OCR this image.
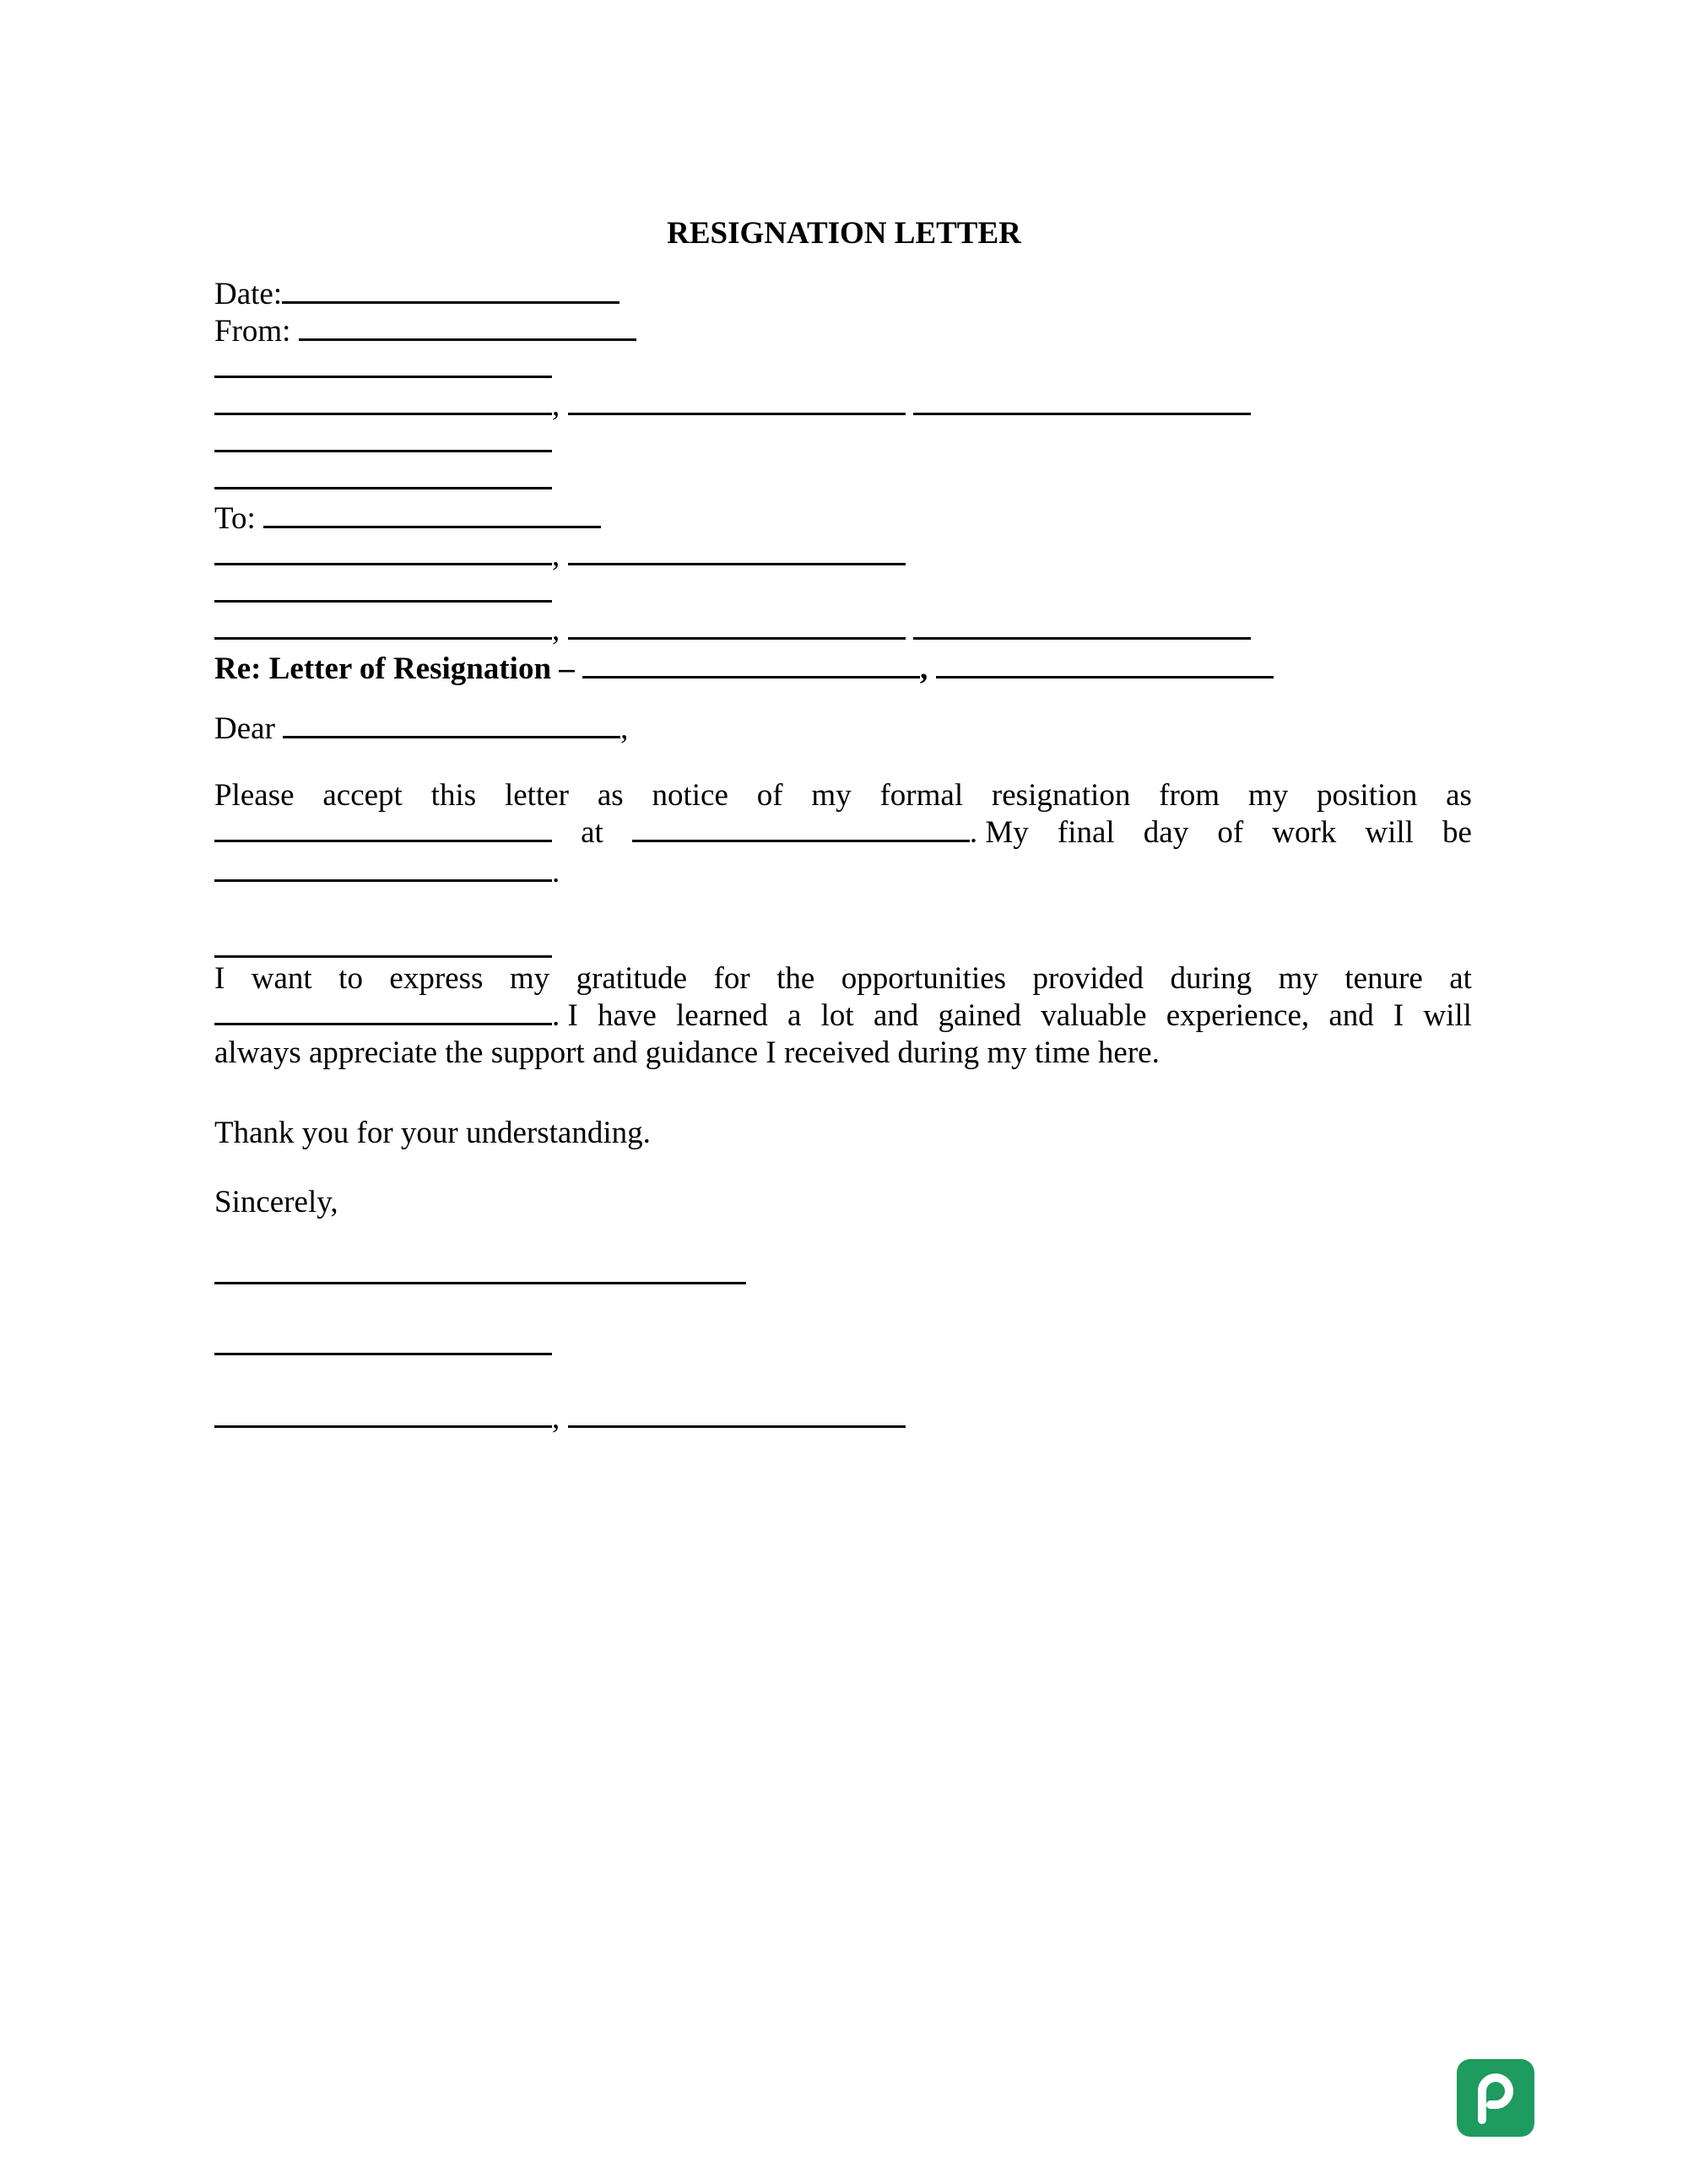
RESIGNATION LETTER
Date:
From:
,
To:
,
,
Re: Letter of Resignation –	,
Dear	,
Please accept this letter as notice of my formal resignation from my position as
at	. My final day of work will be
.
I want to express my gratitude for the opportunities provided during my tenure at
. I have learned a lot and gained valuable experience, and I will
always appreciate the support and guidance I received during my time here.
Thank you for your understanding.
Sincerely,
,
